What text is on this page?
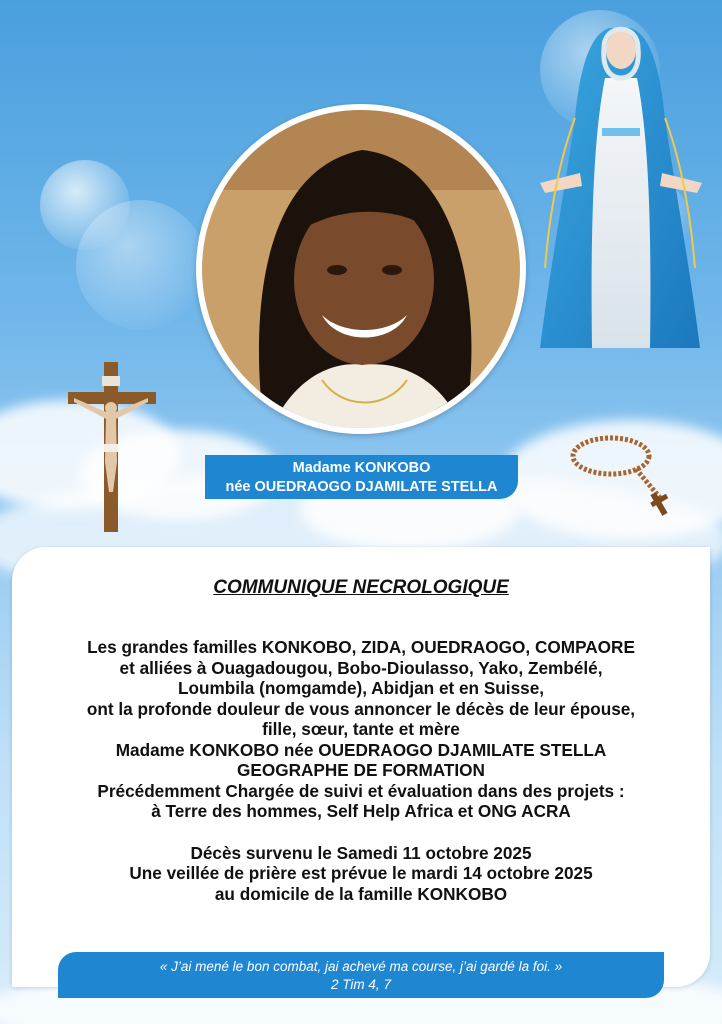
Madame KONKOBO
née OUEDRAOGO DJAMILATE STELLA
COMMUNIQUE NECROLOGIQUE
Les grandes familles KONKOBO, ZIDA, OUEDRAOGO, COMPAORE
et alliées à Ouagadougou, Bobo-Dioulasso, Yako, Zembélé,
Loumbila (nomgamde), Abidjan et en Suisse,
ont la profonde douleur de vous annoncer le décès de leur épouse,
fille, sœur, tante et mère
Madame KONKOBO née OUEDRAOGO DJAMILATE STELLA
GEOGRAPHE DE FORMATION
Précédemment Chargée de suivi et évaluation dans des projets :
à Terre des hommes, Self Help Africa et ONG ACRA
Décès survenu le Samedi 11 octobre 2025
Une veillée de prière est prévue le mardi 14 octobre 2025
au domicile de la famille KONKOBO
« J’ai mené le bon combat, jai achevé ma course, j’ai gardé la foi. »
2 Tim 4, 7
